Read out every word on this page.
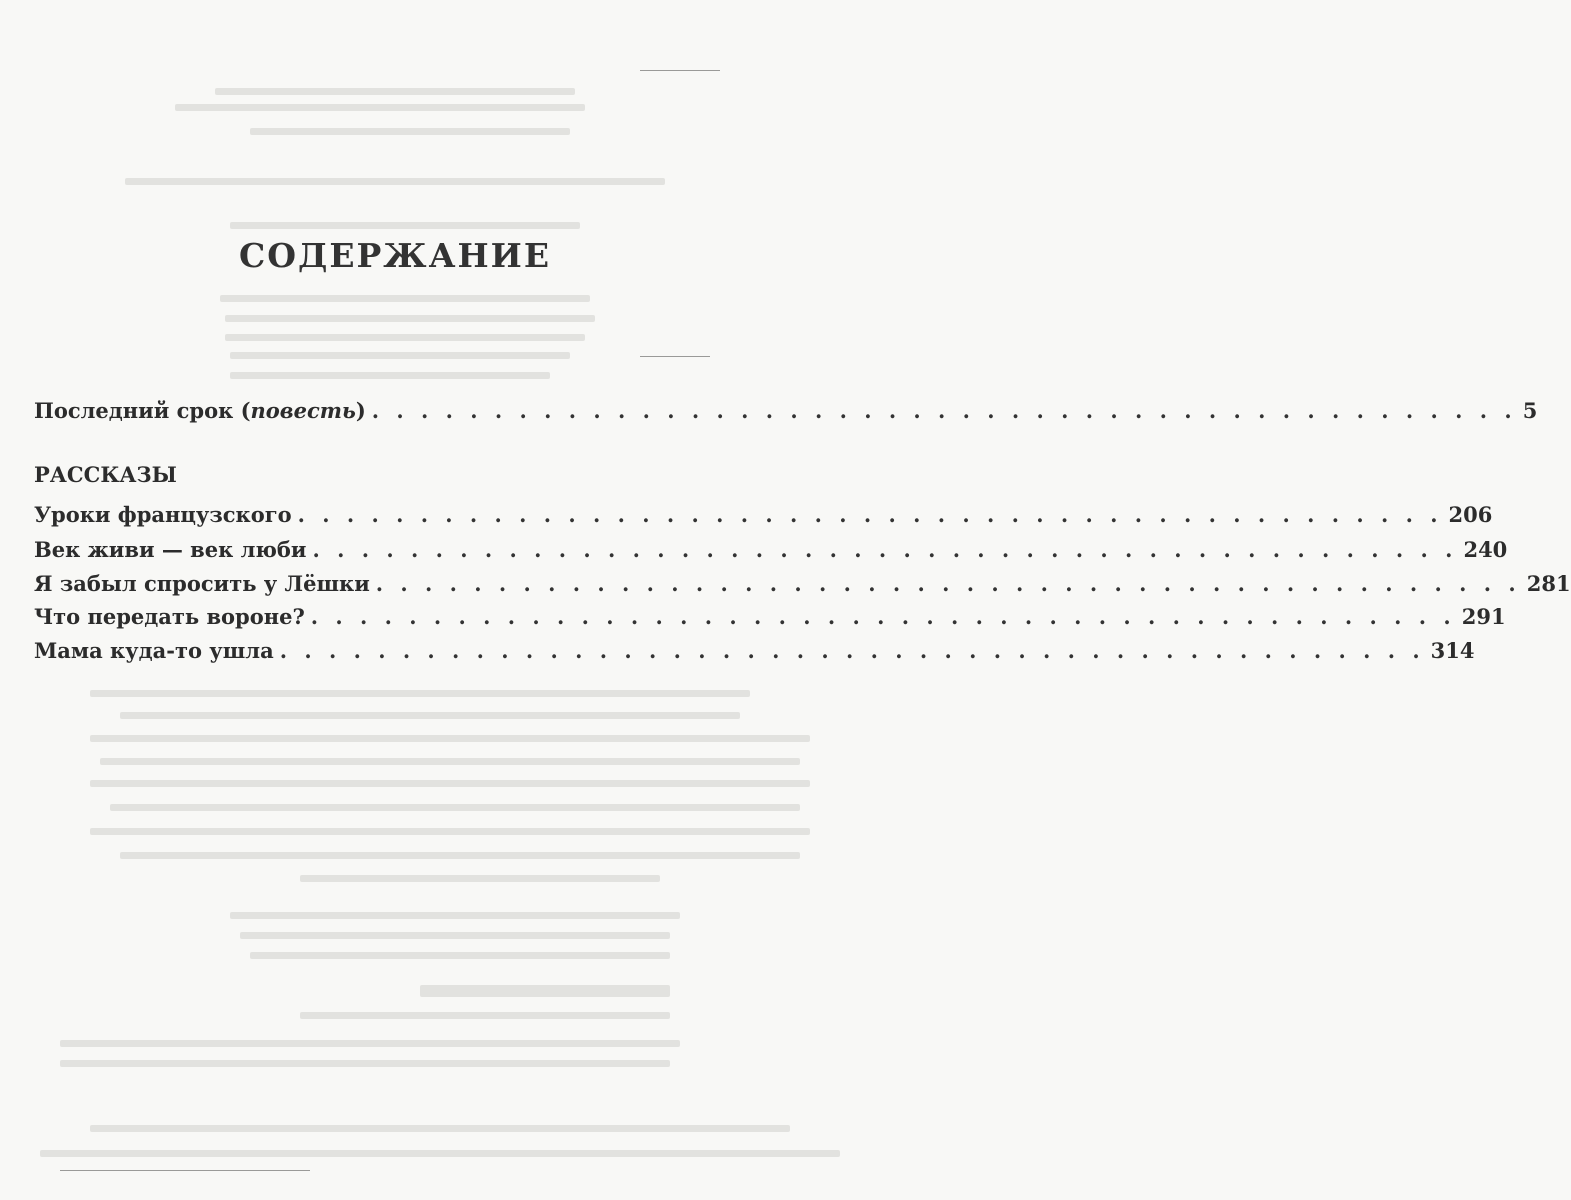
СОДЕРЖАНИЕ
Последний срок (повесть) . . . . . . . . . . . . . . . . . . . . . . . . . . . . . . . . . . . . . . . . . . . . . . . 5
РАССКАЗЫ
Уроки французского . . . . . . . . . . . . . . . . . . . . . . . . . . . . . . . . . . . . . . . . . . . . . . . 206
Век живи — век люби . . . . . . . . . . . . . . . . . . . . . . . . . . . . . . . . . . . . . . . . . . . . . . . 240
Я забыл спросить у Лёшки . . . . . . . . . . . . . . . . . . . . . . . . . . . . . . . . . . . . . . . . . . . . . . . 281
Что передать вороне? . . . . . . . . . . . . . . . . . . . . . . . . . . . . . . . . . . . . . . . . . . . . . . . 291
Мама куда-то ушла . . . . . . . . . . . . . . . . . . . . . . . . . . . . . . . . . . . . . . . . . . . . . . . 314
